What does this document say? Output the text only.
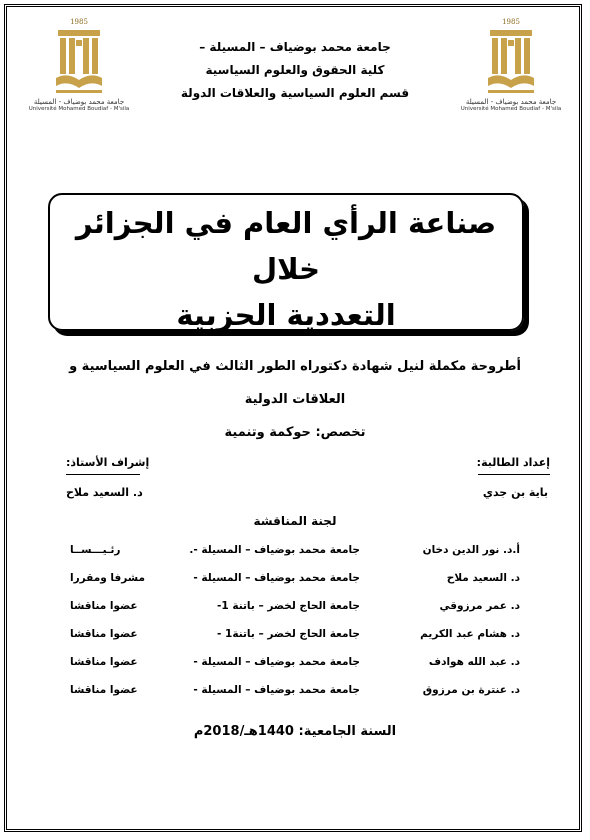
1985
جامعة محمد بوضياف - المسيلة
Université Mohamed Boudiaf - M'sila
1985
جامعة محمد بوضياف - المسيلة
Université Mohamed Boudiaf - M'sila
جامعة محمد بوضياف – المسيلة –
كلية الحقوق والعلوم السياسية
قسم العلوم السياسية والعلاقات الدولة
صناعة الرأي العام في الجزائر خلال
التعددية الحزبية
أطروحة مكملة لنيل شهادة دكتوراه الطور الثالث في العلوم السياسية و
العلاقات الدولية
تخصص: حوكمة وتنمية
إعداد الطالبة:
باية بن جدي
إشراف الأستاذ:
د. السعيد ملاح
لجنة المناقشة
أ.د. نور الدين دخان
جامعة محمد بوضياف – المسيلة -.
رئـيـــســا
د. السعيد ملاح
جامعة محمد بوضياف – المسيلة -
مشرفا ومقررا
د. عمر مرزوقي
جامعة الحاج لخضر – باتنة 1-
عضوا مناقشا
د. هشام عبد الكريم
جامعة الحاج لخضر – باتنة1 -
عضوا مناقشا
د. عبد الله هوادف
جامعة محمد بوضياف – المسيلة -
عضوا مناقشا
د. عنترة بن مرزوق
جامعة محمد بوضياف – المسيلة -
عضوا مناقشا
السنة الجامعية: 1440هـ/2018م
